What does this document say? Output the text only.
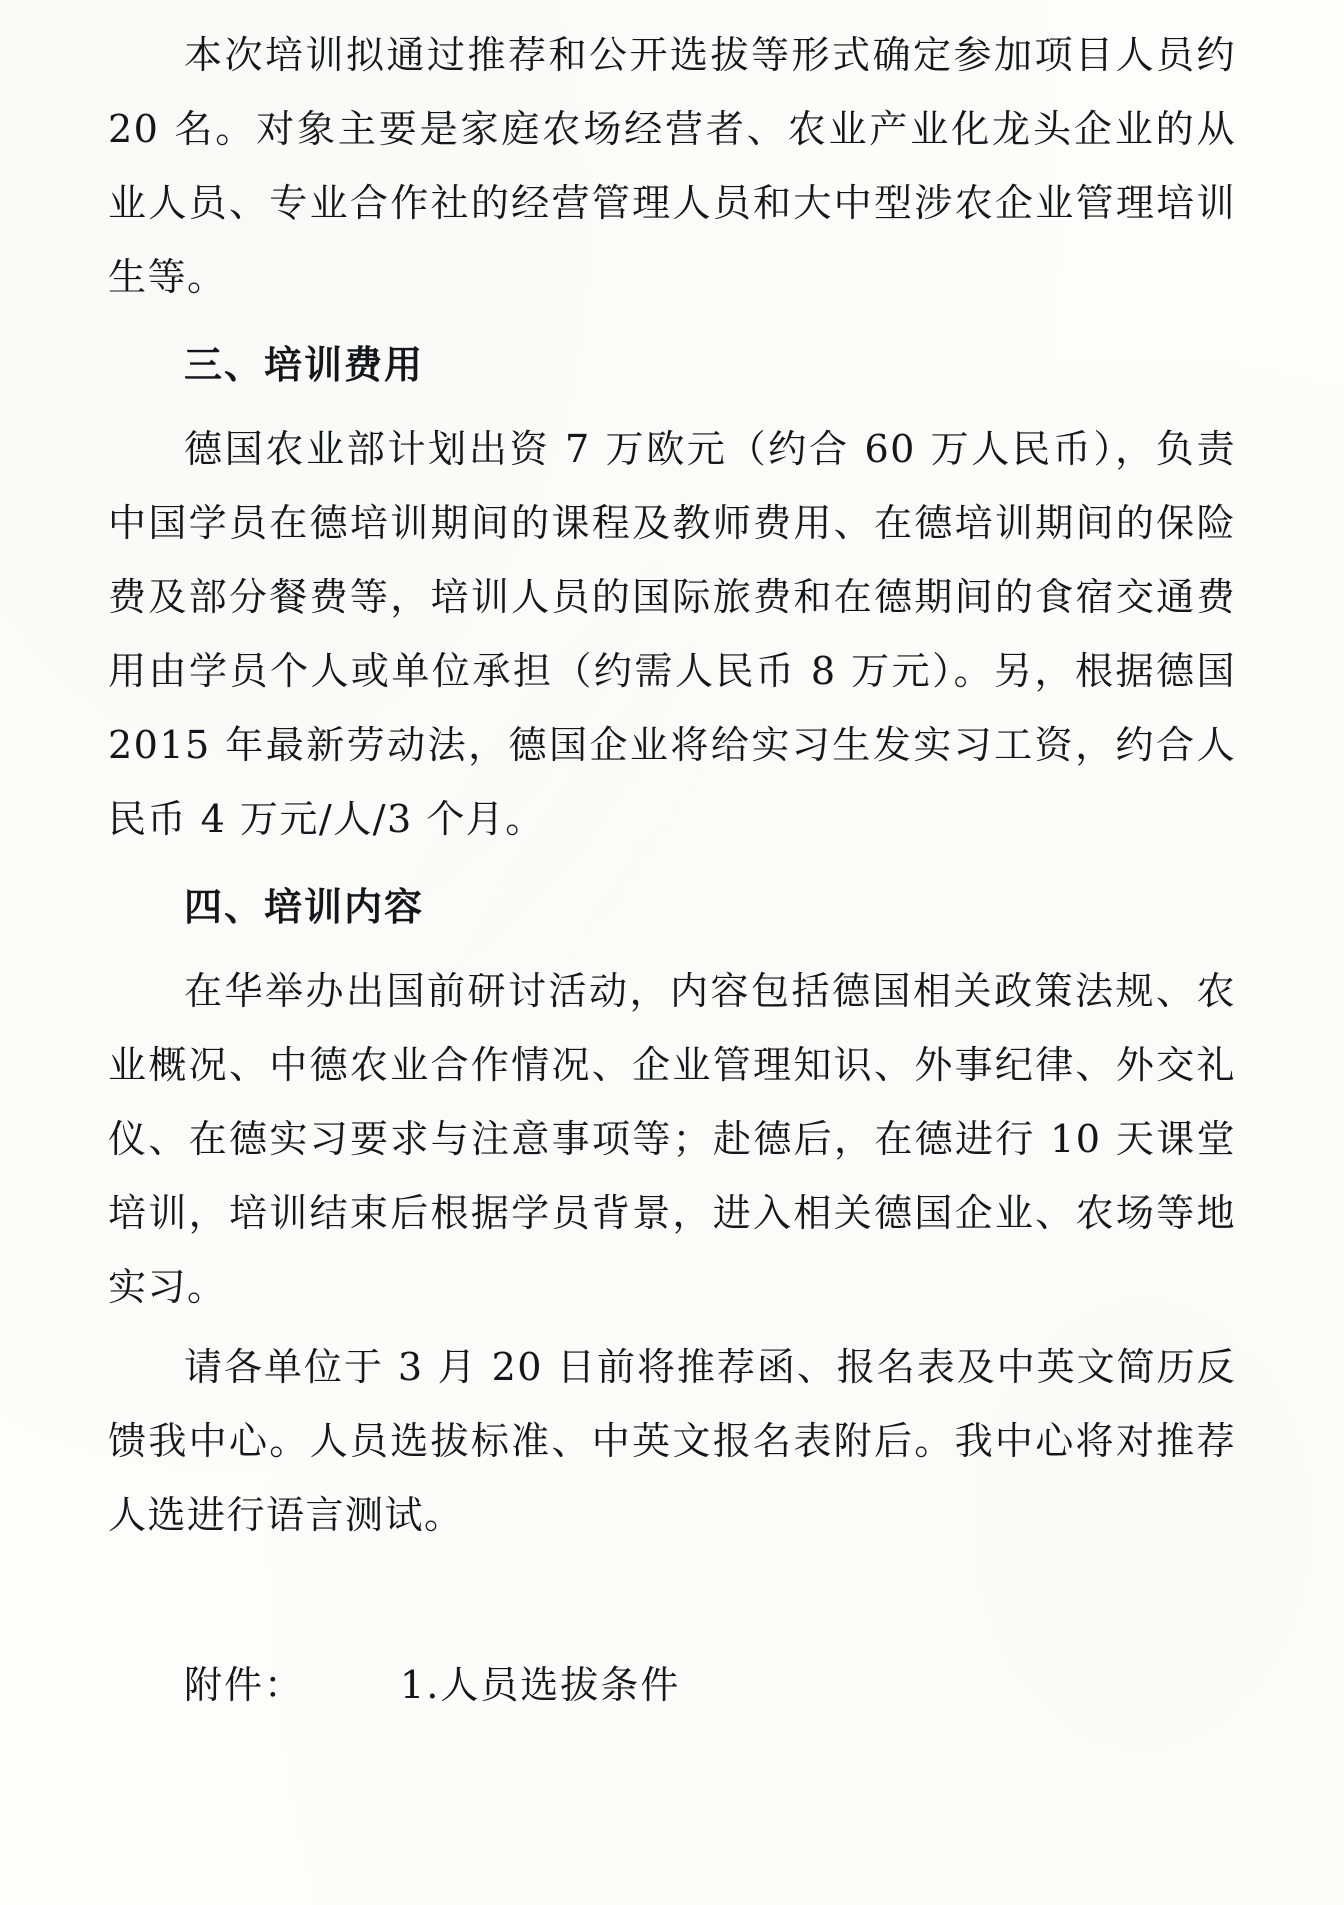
本次培训拟通过推荐和公开选拔等形式确定参加项目人员约 20 名。对象主要是家庭农场经营者、农业产业化龙头企业的从业人员、专业合作社的经营管理人员和大中型涉农企业管理培训生等。

三、培训费用

德国农业部计划出资 7 万欧元（约合 60 万人民币），负责中国学员在德培训期间的课程及教师费用、在德培训期间的保险费及部分餐费等，培训人员的国际旅费和在德期间的食宿交通费用由学员个人或单位承担（约需人民币 8 万元）。另，根据德国 2015 年最新劳动法，德国企业将给实习生发实习工资，约合人民币 4 万元/人/3 个月。

四、培训内容

在华举办出国前研讨活动，内容包括德国相关政策法规、农业概况、中德农业合作情况、企业管理知识、外事纪律、外交礼仪、在德实习要求与注意事项等；赴德后，在德进行 10 天课堂培训，培训结束后根据学员背景，进入相关德国企业、农场等地实习。

请各单位于 3 月 20 日前将推荐函、报名表及中英文简历反馈我中心。人员选拔标准、中英文报名表附后。我中心将对推荐人选进行语言测试。

附件：	1.人员选拔条件
